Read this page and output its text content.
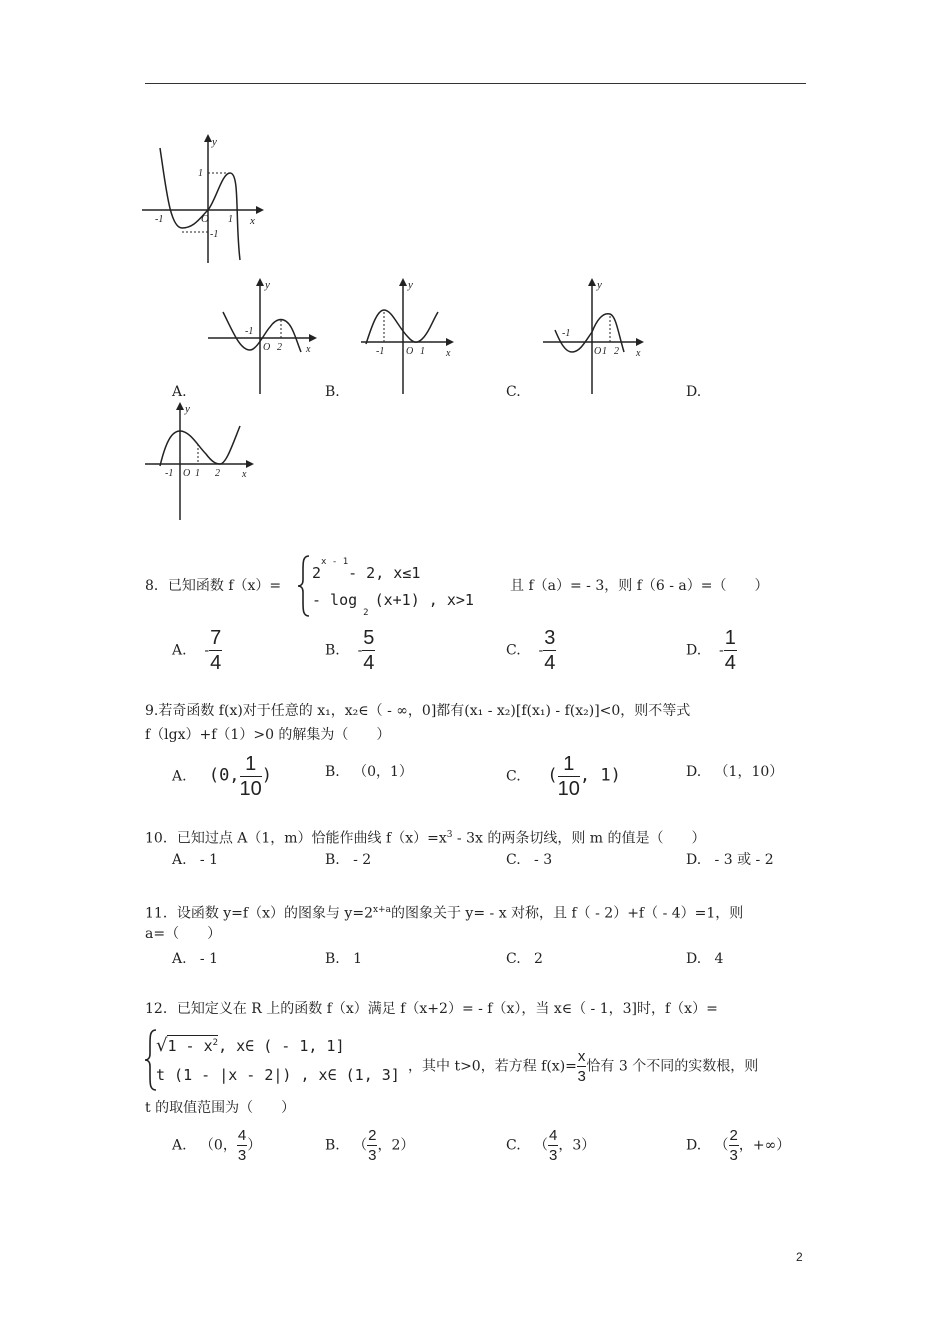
y
x
O
-1	1
1
-1
y
x
O
-1
2
y
x
O
-1	1
y
x
O
-1
1 2
A.	B.	C.	D.
y
x
O
-1 1 2
8．已知函数 f（x）=
$2^{x - 1}-$ 2, x≤1
- $\log_2(x+1)$ , x>1
且 f（a）= - 3，则 f（6 - a）=（　　）
A. - $\frac{7}{4}$	B. - $\frac{5}{4}$	C. - $\frac{3}{4}$	D. - $\frac{1}{4}$
9.若奇函数 f(x)对于任意的 x₁，x₂∈（ - ∞，0]都有(x₁ - x₂)[f(x₁) - f(x₂)]<0，则不等式
f（lgx）+f（1）>0 的解集为（　　）
A. (0, $\frac{1}{10}$ )	B. （0，1）	C. ( $\frac{1}{10}$ , 1)	D. （1，10）
10．已知过点 A（1，m）恰能作曲线 $f(x)=x^3 - 3x$ 的两条切线，则 m 的值是（　　）
A. - 1	B. - 2	C. - 3	D. - 3 或 - 2
11．设函数 y=f（x）的图象与 $y=2^{x+a}$的图象关于 y= - x 对称，且 f（ - 2）+f（ - 4）=1，则
a=（　　）
A. - 1	B. 1	C. 2	D. 4
12．已知定义在 R 上的函数 f（x）满足 f（x+2）= - f（x），当 x∈（ - 1，3]时，f（x）=
$√1 - x^2$, x∈ ( - 1, 1]
t (1 - |x - 2|) , x∈ (1, 3] ，其中 t>0，若方程 $f(x)= \frac{x}{3}$ 恰有 3 个不同的实数根，则
t 的取值范围为（　　）
A. （0， $\frac{4}{3}$ ）	B. （ $\frac{2}{3}$ ，2）	C. （ $\frac{4}{3}$ ，3）	D. （ $\frac{2}{3}$ ，+∞）
2
